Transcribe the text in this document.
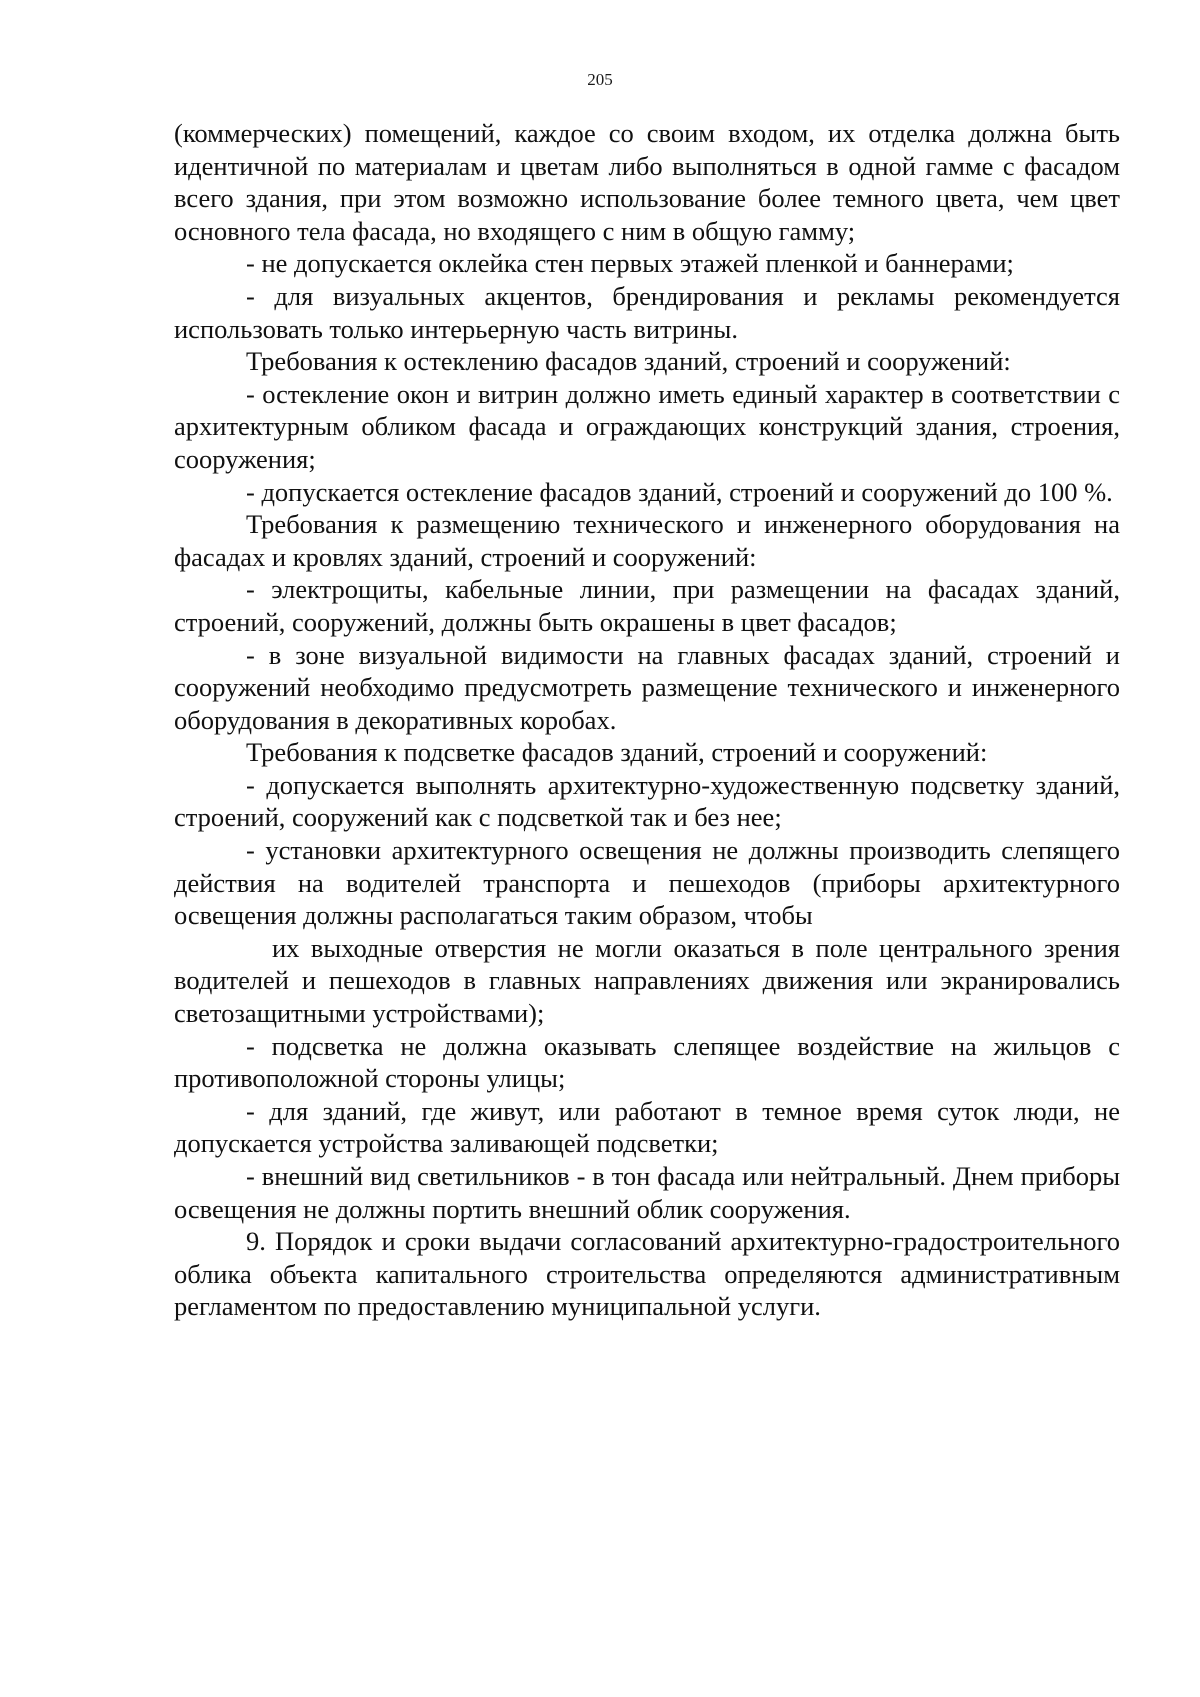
205

(коммерческих) помещений, каждое со своим входом, их отделка должна быть идентичной по материалам и цветам либо выполняться в одной гамме с фасадом всего здания, при этом возможно использование более темного цвета, чем цвет основного тела фасада, но входящего с ним в общую гамму;

- не допускается оклейка стен первых этажей пленкой и баннерами;

- для визуальных акцентов, брендирования и рекламы рекомендуется использовать только интерьерную часть витрины.

Требования к остеклению фасадов зданий, строений и сооружений:

- остекление окон и витрин должно иметь единый характер в соответствии с архитектурным обликом фасада и ограждающих конструкций здания, строения, сооружения;

- допускается остекление фасадов зданий, строений и сооружений до 100 %.

Требования к размещению технического и инженерного оборудования на фасадах и кровлях зданий, строений и сооружений:

- электрощиты, кабельные линии, при размещении на фасадах зданий, строений, сооружений, должны быть окрашены в цвет фасадов;

- в зоне визуальной видимости на главных фасадах зданий, строений и сооружений необходимо предусмотреть размещение технического и инженерного оборудования в декоративных коробах.

Требования к подсветке фасадов зданий, строений и сооружений:

- допускается выполнять архитектурно-художественную подсветку зданий, строений, сооружений как с подсветкой так и без нее;

- установки архитектурного освещения не должны производить слепящего действия на водителей транспорта и пешеходов (приборы архитектурного освещения должны располагаться таким образом, чтобы

их выходные отверстия не могли оказаться в поле центрального зрения водителей и пешеходов в главных направлениях движения или экранировались светозащитными устройствами);

- подсветка не должна оказывать слепящее воздействие на жильцов с противоположной стороны улицы;

- для зданий, где живут, или работают в темное время суток люди, не допускается устройства заливающей подсветки;

- внешний вид светильников - в тон фасада или нейтральный. Днем приборы освещения не должны портить внешний облик сооружения.

9. Порядок и сроки выдачи согласований архитектурно-градостроительного облика объекта капитального строительства определяются административным регламентом по предоставлению муниципальной услуги.
